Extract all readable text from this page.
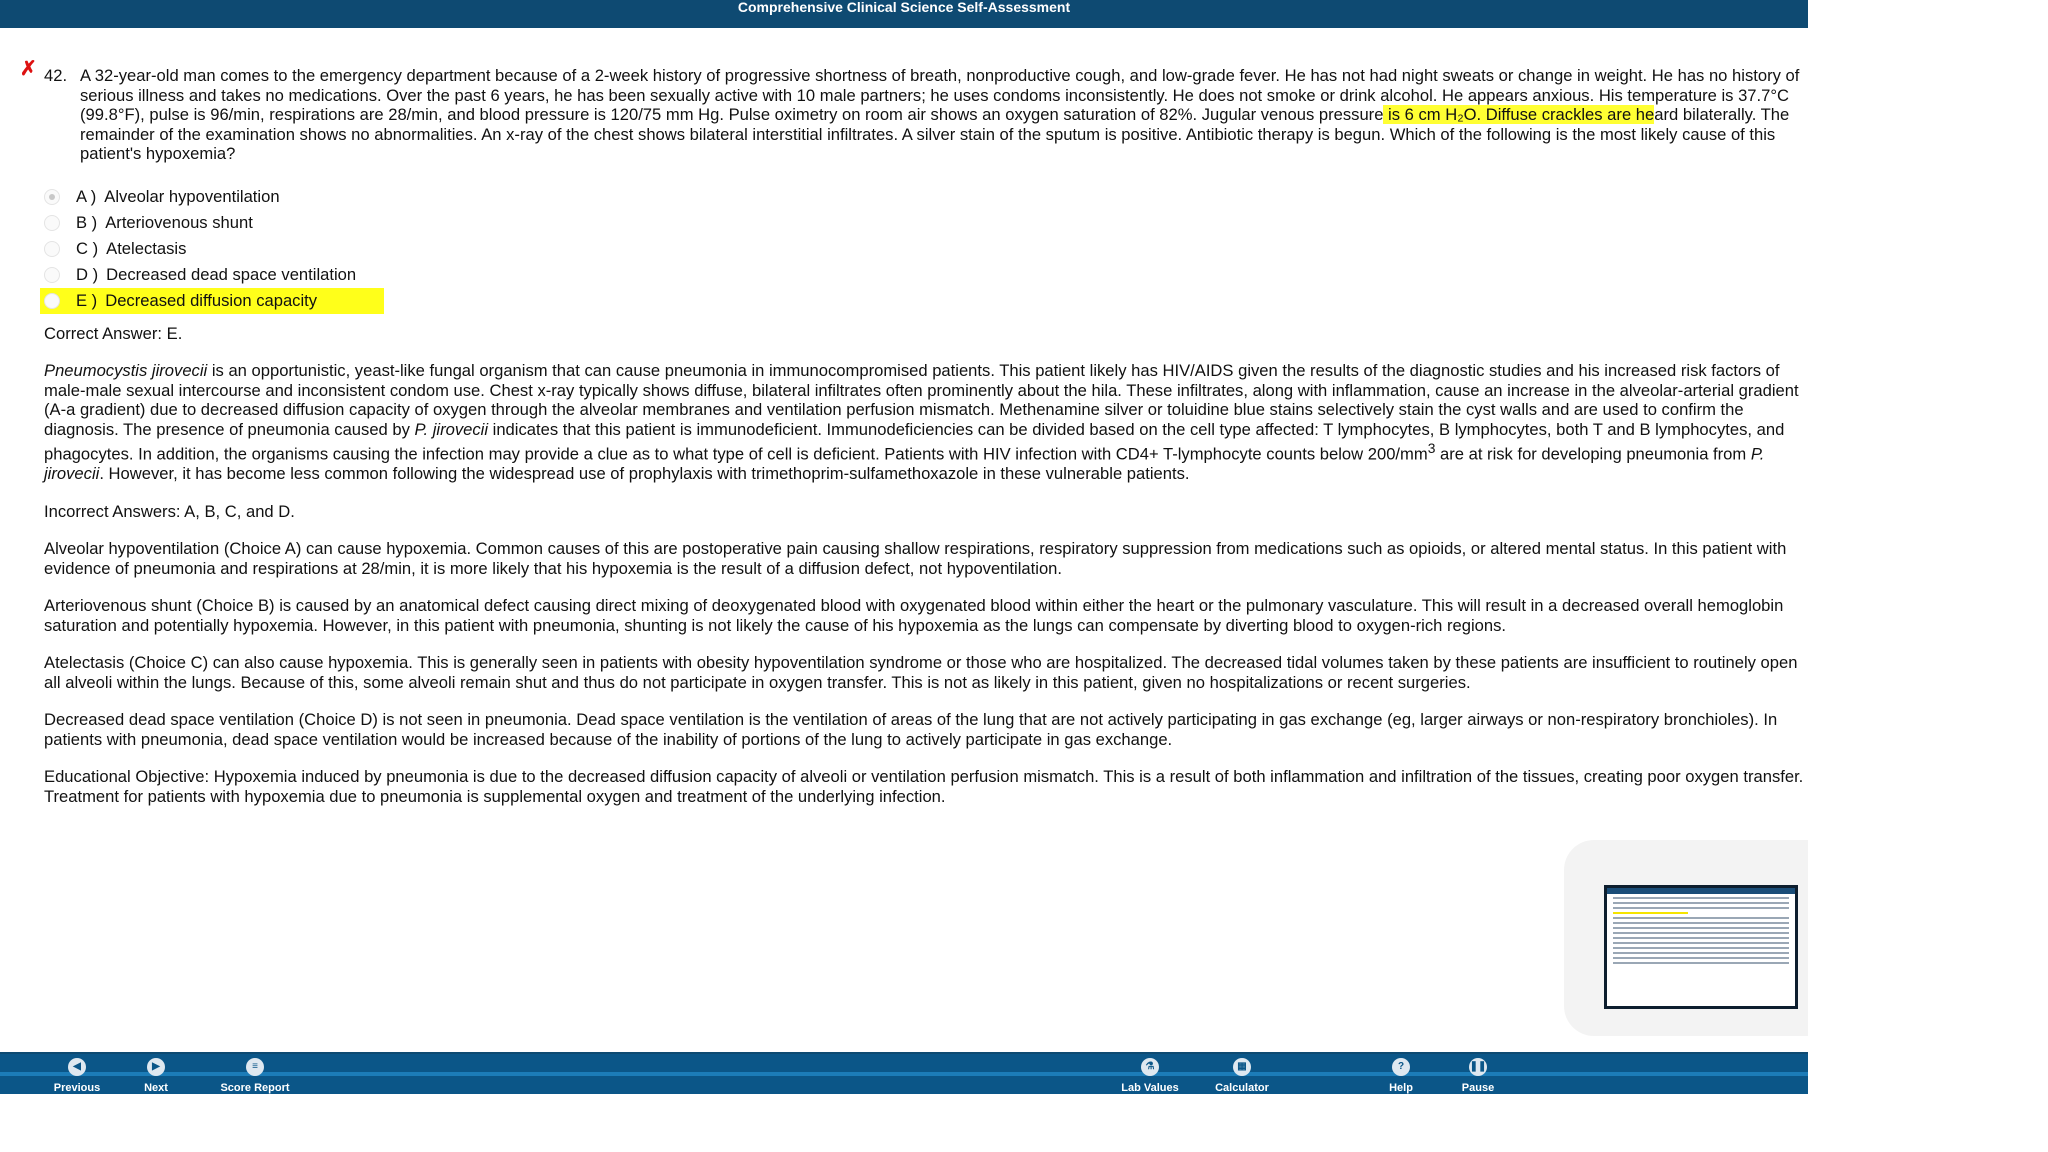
Comprehensive Clinical Science Self-Assessment
✗ 42. A 32-year-old man comes to the emergency department because of a 2-week history of progressive shortness of breath, nonproductive cough, and low-grade fever. He has not had night sweats or change in weight. He has no history of serious illness and takes no medications. Over the past 6 years, he has been sexually active with 10 male partners; he uses condoms inconsistently. He does not smoke or drink alcohol. He appears anxious. His temperature is 37.7°C (99.8°F), pulse is 96/min, respirations are 28/min, and blood pressure is 120/75 mm Hg. Pulse oximetry on room air shows an oxygen saturation of 82%. Jugular venous pressure is 6 cm H₂O. Diffuse crackles are heard bilaterally. The remainder of the examination shows no abnormalities. An x-ray of the chest shows bilateral interstitial infiltrates. A silver stain of the sputum is positive. Antibiotic therapy is begun. Which of the following is the most likely cause of this patient's hypoxemia?
A ) Alveolar hypoventilation
B ) Arteriovenous shunt
C ) Atelectasis
D ) Decreased dead space ventilation
E ) Decreased diffusion capacity
Correct Answer: E.
Pneumocystis jirovecii is an opportunistic, yeast-like fungal organism that can cause pneumonia in immunocompromised patients. This patient likely has HIV/AIDS given the results of the diagnostic studies and his increased risk factors of male-male sexual intercourse and inconsistent condom use. Chest x-ray typically shows diffuse, bilateral infiltrates often prominently about the hila. These infiltrates, along with inflammation, cause an increase in the alveolar-arterial gradient (A-a gradient) due to decreased diffusion capacity of oxygen through the alveolar membranes and ventilation perfusion mismatch. Methenamine silver or toluidine blue stains selectively stain the cyst walls and are used to confirm the diagnosis. The presence of pneumonia caused by P. jirovecii indicates that this patient is immunodeficient. Immunodeficiencies can be divided based on the cell type affected: T lymphocytes, B lymphocytes, both T and B lymphocytes, and phagocytes. In addition, the organisms causing the infection may provide a clue as to what type of cell is deficient. Patients with HIV infection with CD4+ T-lymphocyte counts below $200/mm^3$ are at risk for developing pneumonia from P. jirovecii. However, it has become less common following the widespread use of prophylaxis with trimethoprim-sulfamethoxazole in these vulnerable patients.
Incorrect Answers: A, B, C, and D.
Alveolar hypoventilation (Choice A) can cause hypoxemia. Common causes of this are postoperative pain causing shallow respirations, respiratory suppression from medications such as opioids, or altered mental status. In this patient with evidence of pneumonia and respirations at 28/min, it is more likely that his hypoxemia is the result of a diffusion defect, not hypoventilation.
Arteriovenous shunt (Choice B) is caused by an anatomical defect causing direct mixing of deoxygenated blood with oxygenated blood within either the heart or the pulmonary vasculature. This will result in a decreased overall hemoglobin saturation and potentially hypoxemia. However, in this patient with pneumonia, shunting is not likely the cause of his hypoxemia as the lungs can compensate by diverting blood to oxygen-rich regions.
Atelectasis (Choice C) can also cause hypoxemia. This is generally seen in patients with obesity hypoventilation syndrome or those who are hospitalized. The decreased tidal volumes taken by these patients are insufficient to routinely open all alveoli within the lungs. Because of this, some alveoli remain shut and thus do not participate in oxygen transfer. This is not as likely in this patient, given no hospitalizations or recent surgeries.
Decreased dead space ventilation (Choice D) is not seen in pneumonia. Dead space ventilation is the ventilation of areas of the lung that are not actively participating in gas exchange (eg, larger airways or non-respiratory bronchioles). In patients with pneumonia, dead space ventilation would be increased because of the inability of portions of the lung to actively participate in gas exchange.
Educational Objective: Hypoxemia induced by pneumonia is due to the decreased diffusion capacity of alveoli or ventilation perfusion mismatch. This is a result of both inflammation and infiltration of the tissues, creating poor oxygen transfer. Treatment for patients with hypoxemia due to pneumonia is supplemental oxygen and treatment of the underlying infection.
◀
Previous
▶
Next
≡
Score Report
⚗
Lab Values
▦
Calculator
?
Help
❚❚
Pause
